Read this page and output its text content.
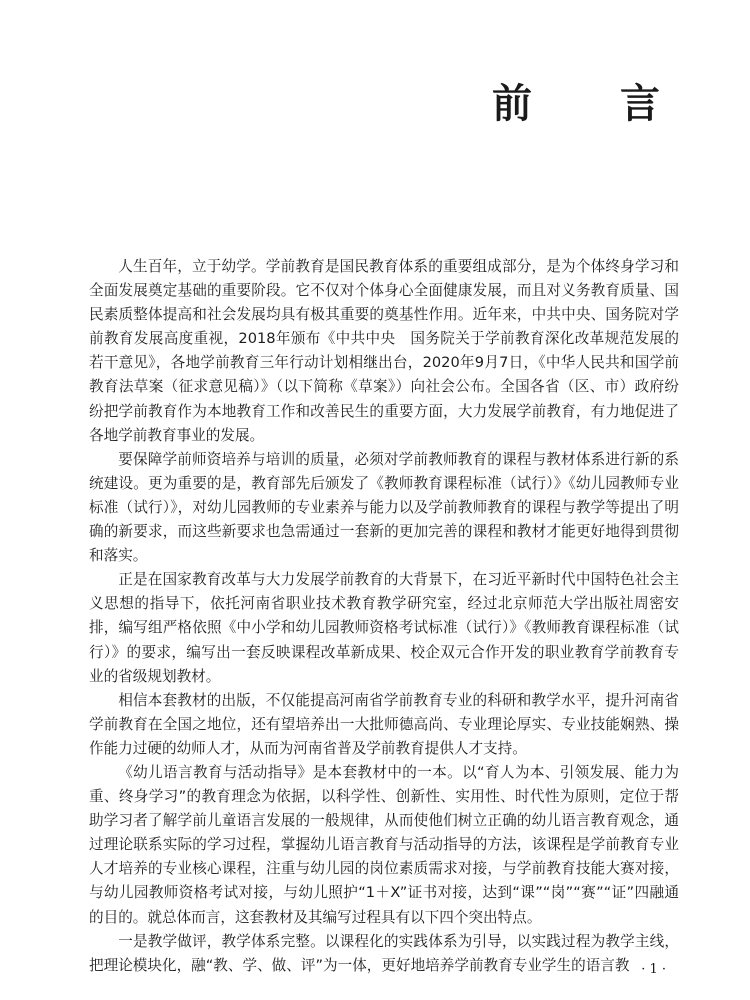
前　言

人生百年，立于幼学。学前教育是国民教育体系的重要组成部分，是为个体终身学习和全面发展奠定基础的重要阶段。它不仅对个体身心全面健康发展，而且对义务教育质量、国民素质整体提高和社会发展均具有极其重要的奠基性作用。近年来，中共中央、国务院对学前教育发展高度重视，2018年颁布《中共中央　国务院关于学前教育深化改革规范发展的若干意见》，各地学前教育三年行动计划相继出台，2020年9月7日，《中华人民共和国学前教育法草案（征求意见稿）》（以下简称《草案》）向社会公布。全国各省（区、市）政府纷纷把学前教育作为本地教育工作和改善民生的重要方面，大力发展学前教育，有力地促进了各地学前教育事业的发展。

要保障学前师资培养与培训的质量，必须对学前教师教育的课程与教材体系进行新的系统建设。更为重要的是，教育部先后颁发了《教师教育课程标准（试行）》《幼儿园教师专业标准（试行）》，对幼儿园教师的专业素养与能力以及学前教师教育的课程与教学等提出了明确的新要求，而这些新要求也急需通过一套新的更加完善的课程和教材才能更好地得到贯彻和落实。

正是在国家教育改革与大力发展学前教育的大背景下，在习近平新时代中国特色社会主义思想的指导下，依托河南省职业技术教育教学研究室，经过北京师范大学出版社周密安排，编写组严格依照《中小学和幼儿园教师资格考试标准（试行）》《教师教育课程标准（试行）》的要求，编写出一套反映课程改革新成果、校企双元合作开发的职业教育学前教育专业的省级规划教材。

相信本套教材的出版，不仅能提高河南省学前教育专业的科研和教学水平，提升河南省学前教育在全国之地位，还有望培养出一大批师德高尚、专业理论厚实、专业技能娴熟、操作能力过硬的幼师人才，从而为河南省普及学前教育提供人才支持。

《幼儿语言教育与活动指导》是本套教材中的一本。以“育人为本、引领发展、能力为重、终身学习”的教育理念为依据，以科学性、创新性、实用性、时代性为原则，定位于帮助学习者了解学前儿童语言发展的一般规律，从而使他们树立正确的幼儿语言教育观念，通过理论联系实际的学习过程，掌握幼儿语言教育与活动指导的方法，该课程是学前教育专业人才培养的专业核心课程，注重与幼儿园的岗位素质需求对接，与学前教育技能大赛对接，与幼儿园教师资格考试对接，与幼儿照护“1＋X”证书对接，达到“课”“岗”“赛”“证”四融通的目的。就总体而言，这套教材及其编写过程具有以下四个突出特点。

一是教学做评，教学体系完整。以课程化的实践体系为引导，以实践过程为教学主线，把理论模块化，融“教、学、做、评”为一体，更好地培养学前教育专业学生的语言教 · 1 ·
